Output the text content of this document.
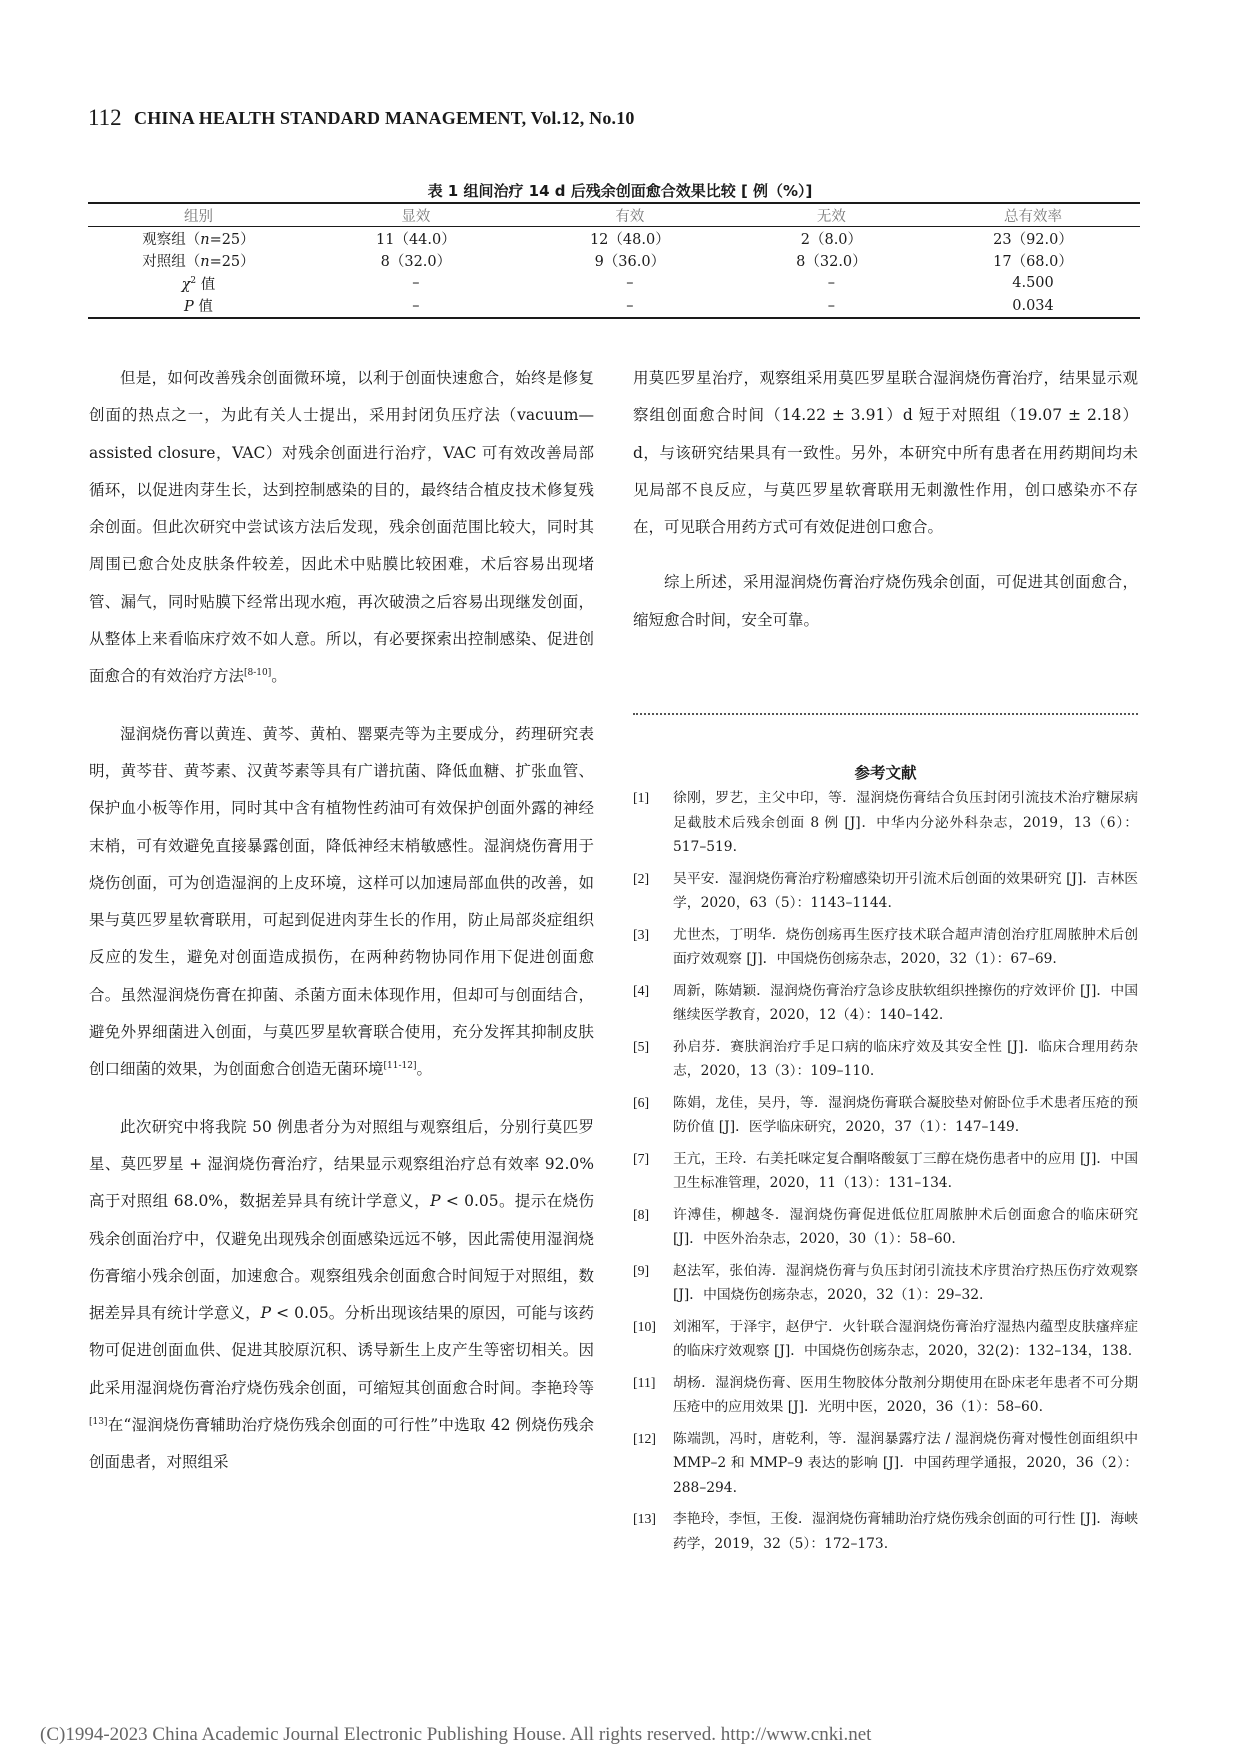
112 CHINA HEALTH STANDARD MANAGEMENT, Vol.12, No.10
表 1 组间治疗 14 d 后残余创面愈合效果比较 [ 例（%）]
组别	显效	有效	无效	总有效率
观察组（n=25）	11（44.0）	12（48.0）	2（8.0）	23（92.0）
对照组（n=25）	8（32.0）	9（36.0）	8（32.0）	17（68.0）
$\chi^2$ 值	–	–	–	4.500
P 值	–	–	–	0.034

但是，如何改善残余创面微环境，以利于创面快速愈合，始终是修复创面的热点之一，为此有关人士提出，采用封闭负压疗法（vacuum—assisted closure，VAC）对残余创面进行治疗，VAC 可有效改善局部循环，以促进肉芽生长，达到控制感染的目的，最终结合植皮技术修复残余创面。但此次研究中尝试该方法后发现，残余创面范围比较大，同时其周围已愈合处皮肤条件较差，因此术中贴膜比较困难，术后容易出现堵管、漏气，同时贴膜下经常出现水疱，再次破溃之后容易出现继发创面，从整体上来看临床疗效不如人意。所以，有必要探索出控制感染、促进创面愈合的有效治疗方法[8-10]。

湿润烧伤膏以黄连、黄芩、黄柏、罂粟壳等为主要成分，药理研究表明，黄芩苷、黄芩素、汉黄芩素等具有广谱抗菌、降低血糖、扩张血管、保护血小板等作用，同时其中含有植物性药油可有效保护创面外露的神经末梢，可有效避免直接暴露创面，降低神经末梢敏感性。湿润烧伤膏用于烧伤创面，可为创造湿润的上皮环境，这样可以加速局部血供的改善，如果与莫匹罗星软膏联用，可起到促进肉芽生长的作用，防止局部炎症组织反应的发生，避免对创面造成损伤，在两种药物协同作用下促进创面愈合。虽然湿润烧伤膏在抑菌、杀菌方面未体现作用，但却可与创面结合，避免外界细菌进入创面，与莫匹罗星软膏联合使用，充分发挥其抑制皮肤创口细菌的效果，为创面愈合创造无菌环境[11-12]。

此次研究中将我院 50 例患者分为对照组与观察组后，分别行莫匹罗星、莫匹罗星 + 湿润烧伤膏治疗，结果显示观察组治疗总有效率 92.0% 高于对照组 68.0%，数据差异具有统计学意义，P < 0.05。提示在烧伤残余创面治疗中，仅避免出现残余创面感染远远不够，因此需使用湿润烧伤膏缩小残余创面，加速愈合。观察组残余创面愈合时间短于对照组，数据差异具有统计学意义，P < 0.05。分析出现该结果的原因，可能与该药物可促进创面血供、促进其胶原沉积、诱导新生上皮产生等密切相关。因此采用湿润烧伤膏治疗烧伤残余创面，可缩短其创面愈合时间。李艳玲等[13]在“湿润烧伤膏辅助治疗烧伤残余创面的可行性”中选取 42 例烧伤残余创面患者，对照组采

用莫匹罗星治疗，观察组采用莫匹罗星联合湿润烧伤膏治疗，结果显示观察组创面愈合时间（14.22 ± 3.91）d 短于对照组（19.07 ± 2.18）d，与该研究结果具有一致性。另外，本研究中所有患者在用药期间均未见局部不良反应，与莫匹罗星软膏联用无刺激性作用，创口感染亦不存在，可见联合用药方式可有效促进创口愈合。

综上所述，采用湿润烧伤膏治疗烧伤残余创面，可促进其创面愈合，缩短愈合时间，安全可靠。

参考文献
[1]	徐刚，罗艺，主父中印，等．湿润烧伤膏结合负压封闭引流技术治疗糖尿病足截肢术后残余创面 8 例 [J]．中华内分泌外科杂志，2019，13（6）：517–519.
[2]	吴平安．湿润烧伤膏治疗粉瘤感染切开引流术后创面的效果研究 [J]．吉林医学，2020，63（5）：1143–1144.
[3]	尤世杰，丁明华．烧伤创疡再生医疗技术联合超声清创治疗肛周脓肿术后创面疗效观察 [J]．中国烧伤创疡杂志，2020，32（1）：67–69.
[4]	周新，陈婧颖．湿润烧伤膏治疗急诊皮肤软组织挫擦伤的疗效评价 [J]．中国继续医学教育，2020，12（4）：140–142.
[5]	孙启芬．赛肤润治疗手足口病的临床疗效及其安全性 [J]．临床合理用药杂志，2020，13（3）：109–110.
[6]	陈娟，龙佳，吴丹，等．湿润烧伤膏联合凝胶垫对俯卧位手术患者压疮的预防价值 [J]．医学临床研究，2020，37（1）：147–149.
[7]	王亢，王玲．右美托咪定复合酮咯酸氨丁三醇在烧伤患者中的应用 [J]．中国卫生标准管理，2020，11（13）：131–134.
[8]	许溥佳，柳越冬．湿润烧伤膏促进低位肛周脓肿术后创面愈合的临床研究 [J]．中医外治杂志，2020，30（1）：58–60.
[9]	赵法军，张伯涛．湿润烧伤膏与负压封闭引流技术序贯治疗热压伤疗效观察 [J]．中国烧伤创疡杂志，2020，32（1）：29–32.
[10]	刘湘军，于泽宇，赵伊宁．火针联合湿润烧伤膏治疗湿热内蕴型皮肤瘙痒症的临床疗效观察 [J]．中国烧伤创疡杂志，2020，32(2)：132–134，138.
[11]	胡杨．湿润烧伤膏、医用生物胶体分散剂分期使用在卧床老年患者不可分期压疮中的应用效果 [J]．光明中医，2020，36（1）：58–60.
[12]	陈端凯，冯时，唐乾利，等．湿润暴露疗法 / 湿润烧伤膏对慢性创面组织中 MMP–2 和 MMP–9 表达的影响 [J]．中国药理学通报，2020，36（2）：288–294.
[13]	李艳玲，李恒，王俊．湿润烧伤膏辅助治疗烧伤残余创面的可行性 [J]．海峡药学，2019，32（5）：172–173.
(C)1994-2023 China Academic Journal Electronic Publishing House. All rights reserved. http://www.cnki.net
